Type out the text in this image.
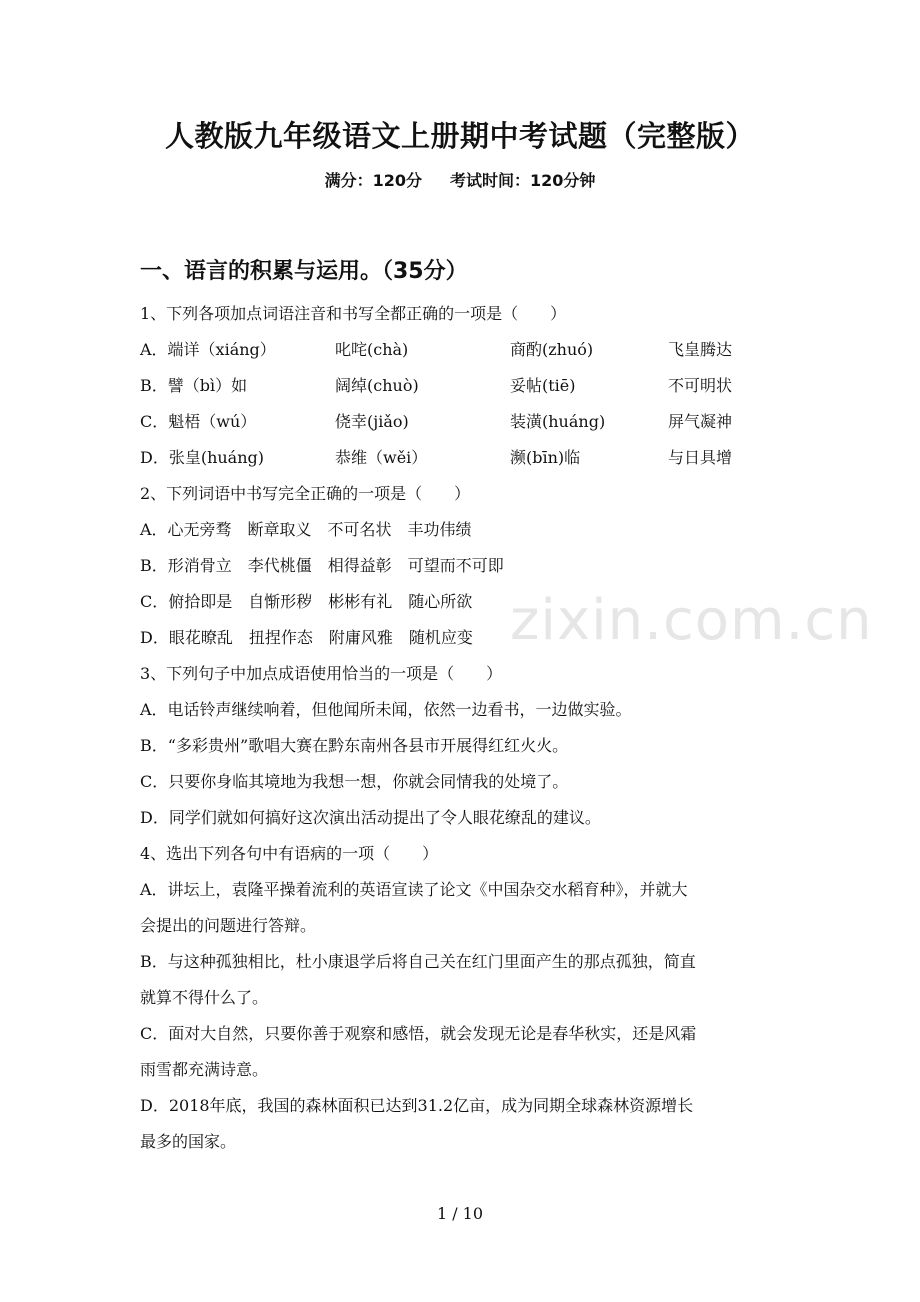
zixin.com.cn
人教版九年级语文上册期中考试题（完整版）
满分：120分 考试时间：120分钟
一、语言的积累与运用。（35分）
1、下列各项加点词语注音和书写全都正确的一项是（　　）
A．端详（xiáng）	叱咤(chà)	商酌(zhuó)	飞皇腾达
B．譬（bì）如	阔绰(chuò)	妥帖(tiē)	不可明状
C．魁梧（wú）	侥幸(jiǎo)	装潢(huáng)	屏气凝神
D．张皇(huáng)	恭维（wěi）	濒(bīn)临	与日具增
2、下列词语中书写完全正确的一项是（　　）
A．心无旁骛　断章取义　不可名状　丰功伟绩
B．形消骨立　李代桃僵　相得益彰　可望而不可即
C．俯拾即是　自惭形秽　彬彬有礼　随心所欲
D．眼花暸乱　扭捏作态　附庸风雅　随机应变
3、下列句子中加点成语使用恰当的一项是（　　）
A．电话铃声继续响着，但他闻所未闻，依然一边看书，一边做实验。
B．“多彩贵州”歌唱大赛在黔东南州各县市开展得红红火火。
C．只要你身临其境地为我想一想，你就会同情我的处境了。
D．同学们就如何搞好这次演出活动提出了令人眼花缭乱的建议。
4、选出下列各句中有语病的一项（　　）
A．讲坛上，袁隆平操着流利的英语宣读了论文《中国杂交水稻育种》，并就大
会提出的问题进行答辩。
B．与这种孤独相比，杜小康退学后将自己关在红门里面产生的那点孤独，简直
就算不得什么了。
C．面对大自然，只要你善于观察和感悟，就会发现无论是春华秋实，还是风霜
雨雪都充满诗意。
D．2018年底，我国的森林面积已达到31.2亿亩，成为同期全球森林资源增长
最多的国家。
1 / 10
